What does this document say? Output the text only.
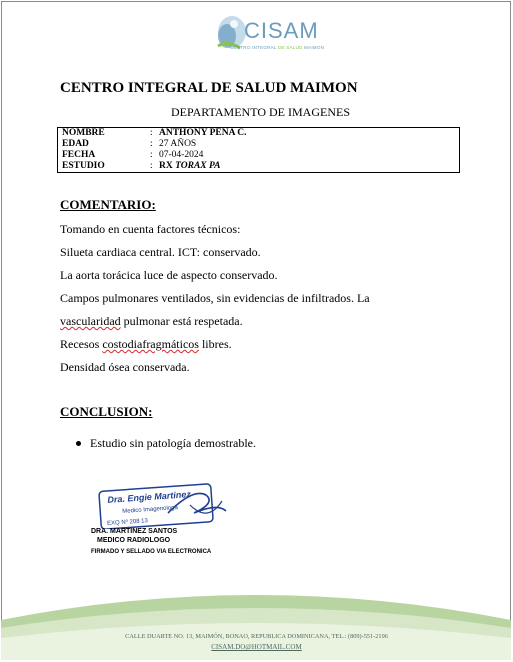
CISAM
CENTRO INTEGRAL DE SALUD MAIMON
CENTRO INTEGRAL DE SALUD MAIMON
DEPARTAMENTO DE IMAGENES
NOMBRE	: ANTHONY PENA C.
EDAD	: 27 AÑOS
FECHA	: 07-04-2024
ESTUDIO	: RX TORAX PA
COMENTARIO:
Tomando en cuenta factores técnicos:
Silueta cardiaca central. ICT: conservado.
La aorta torácica luce de aspecto conservado.
Campos pulmonares ventilados, sin evidencias de infiltrados. La
vascularidad pulmonar está respetada.
Recesos costodiafragmáticos libres.
Densidad ósea conservada.
CONCLUSION:
Estudio sin patología demostrable.
Dra. Engie Martinez
Medico Imagenologa
EXQ Nº 208 13
DRA. MARTINEZ SANTOS
MEDICO RADIOLOGO
FIRMADO Y SELLADO VIA ELECTRONICA
CALLE DUARTE NO. 13, MAIMÓN, BONAO, REPUBLICA DOMINICANA, TEL.: (809)-551-2196
CISAM.DO@HOTMAIL.COM
